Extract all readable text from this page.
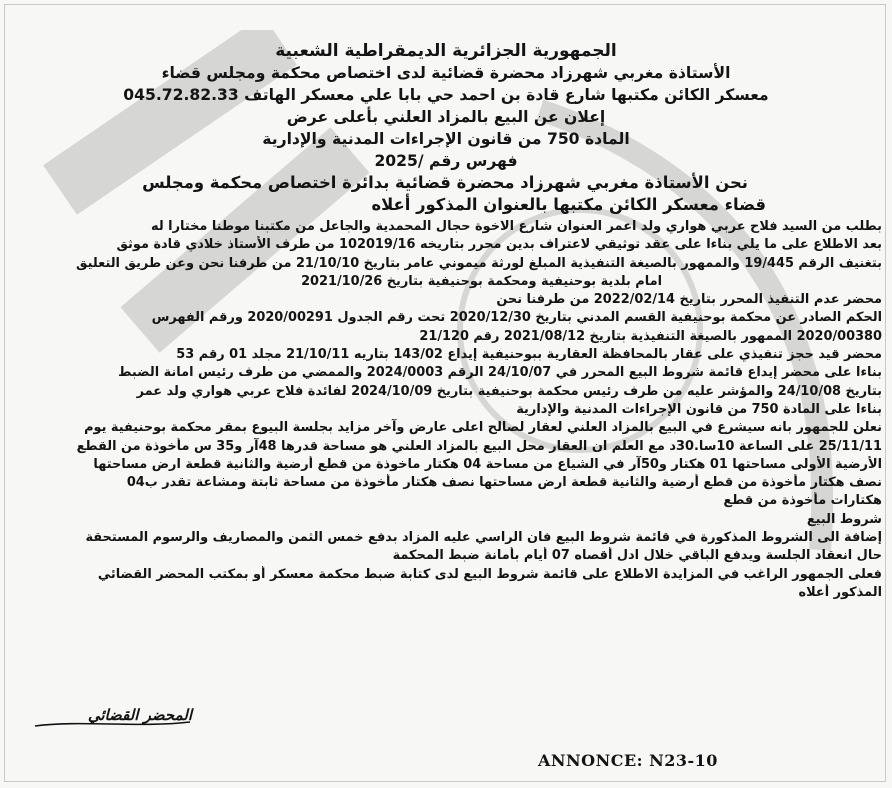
الجمهورية الجزائرية الديمقراطية الشعبية

الأستاذة مغربي شهرزاد محضرة قضائية لدى اختصاص محكمة ومجلس قضاء

معسكر الكائن مكتبها شارع قادة بن احمد حي بابا علي معسكر الهاتف 045.72.82.33

إعلان عن البيع بالمزاد العلني بأعلى عرض

المادة 750 من قانون الإجراءات المدنية والإدارية

فهرس رقم /2025

نحن الأستاذة مغربي شهرزاد محضرة قضائية بدائرة اختصاص محكمة ومجلس

قضاء معسكر الكائن مكتبها بالعنوان المذكور أعلاه

بطلب من السيد فلاح عربي هواري ولد اعمر العنوان شارع الاخوة حجال المحمدية والجاعل من مكتبنا موطنا مختارا له
بعد الاطلاع على ما يلي بناءا على عقد توثيقي لاعتراف بدين محرر بتاريخه 102019/16 من طرف الأستاذ خلادي قادة موثق
بتغنيف الرقم 19/445 والممهور بالصيغة التنفيذية المبلغ لورثة ميموني عامر بتاريخ 21/10/10 من طرفنا نحن وعن طريق التعليق
امام بلدية بوحنيفية ومحكمة بوحنيفية بتاريخ 2021/10/26
محضر عدم التنفيذ المحرر بتاريخ 2022/02/14 من طرفنا نحن
الحكم الصادر عن محكمة بوحنيفية القسم المدني بتاريخ 2020/12/30 تحت رقم الجدول 2020/00291 ورقم الفهرس
2020/00380 الممهور بالصيغة التنفيذية بتاريخ 2021/08/12 رقم 21/120
محضر قيد حجز تنفيذي على عقار بالمحافظة العقارية ببوحنيفية إيداع 143/02 بتاريه 21/10/11 مجلد 01 رقم 53
بناءا على محضر إيداع قائمة شروط البيع المحرر في 24/10/07 الرقم 2024/0003 والممضي من طرف رئيس امانة الضبط
بتاريخ 24/10/08 والمؤشر عليه من طرف رئيس محكمة بوحنيفية بتاريخ 2024/10/09 لفائدة فلاح عربي هواري ولد عمر
بناءا على المادة 750 من قانون الإجراءات المدنية والإدارية
نعلن للجمهور بانه سيشرع في البيع بالمزاد العلني لعقار لصالح اعلى عارض وآخر مزايد بجلسة البيوع بمقر محكمة بوحنيفية يوم
25/11/11 على الساعة 10سا.30د مع العلم ان العقار محل البيع بالمزاد العلني هو مساحة قدرها 48آر و35 س مأخوذة من القطع
الأرضية الأولى مساحتها 01 هكتار و50آر في الشياع من مساحة 04 هكتار ماخوذة من قطع أرضية والثانية قطعة ارض مساحتها
نصف هكتار مأخوذة من قطع أرضية والثانية قطعة ارض مساحتها نصف هكتار مأخوذة من مساحة ثابتة ومشاعة تقدر ب04
هكتارات مأخوذة من قطع
شروط البيع
إضافة الى الشروط المذكورة في قائمة شروط البيع فان الراسي عليه المزاد بدفع خمس الثمن والمصاريف والرسوم المستحقة
حال انعقاد الجلسة ويدفع الباقي خلال ادل أقصاه 07 أيام بأمانة ضبط المحكمة
فعلى الجمهور الراغب في المزايدة الاطلاع على قائمة شروط البيع لدى كتابة ضبط محكمة معسكر أو بمكتب المحضر القضائي
المذكور أعلاه
المحضر القضائي
ANNONCE: N23-10
